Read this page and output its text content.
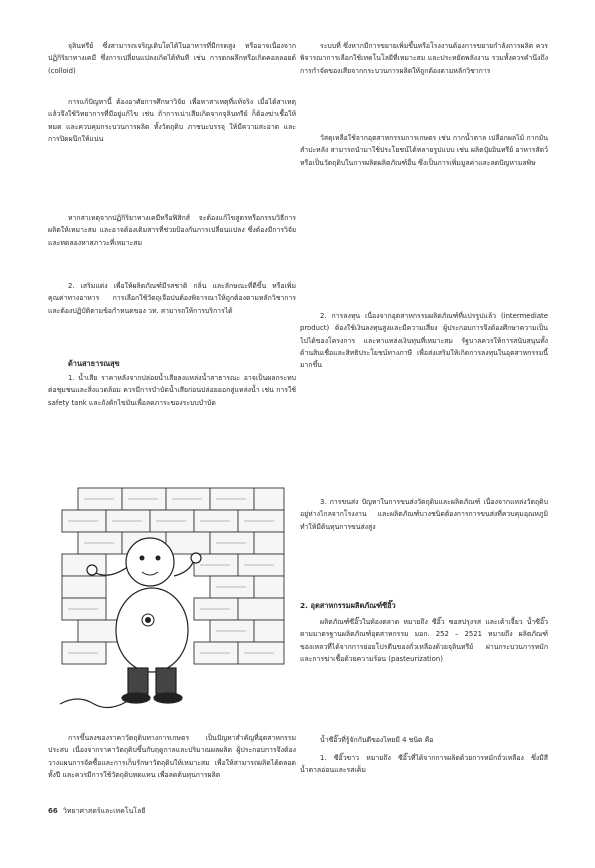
จุลินทรีย์ ซึ่งสามารถเจริญเติบโตได้ในอาหารที่มีกรดสูง หรืออาจเนื่องจากปฏิกิริยาทางเคมี ซึ่งการเปลี่ยนแปลงเกิดได้ทันที เช่น การตกผลึกหรือเกิดคอลลอยด์ (colloid)

การแก้ปัญหานี้ ต้องอาศัยการศึกษาวิจัย เพื่อหาสาเหตุที่แท้จริง เมื่อได้สาเหตุแล้วจึงใช้วิทยาการที่มีอยู่แก้ไข เช่น ถ้าการเน่าเสียเกิดจากจุลินทรีย์ ก็ต้องฆ่าเชื้อให้หมด และควบคุมกระบวนการผลิต ทั้งวัตถุดิบ ภาชนะบรรจุ ให้มีความสะอาด และการปิดผนึกให้แน่น

หากสาเหตุจากปฏิกิริยาทางเคมีหรือฟิสิกส์ จะต้องแก้ไขสูตรหรือกรรมวิธีการผลิตให้เหมาะสม และอาจต้องเติมสารที่ช่วยป้องกันการเปลี่ยนแปลง ซึ่งต้องมีการวิจัยและทดลองหาสภาวะที่เหมาะสม

2. เสริมแต่ง เพื่อให้ผลิตภัณฑ์มีรสชาติ กลิ่น และลักษณะที่ดีขึ้น หรือเพิ่มคุณค่าทางอาหาร การเลือกใช้วัตถุเจือปนต้องพิจารณาให้ถูกต้องตามหลักวิชาการ และต้องปฏิบัติตามข้อกำหนดของ วท. สามารถให้การบริการได้

ด้านสาธารณสุข

1. น้ำเสีย ราคาหลังจากปล่อยน้ำเสียลงแหล่งน้ำสาธารณะ อาจเป็นผลกระทบต่อชุมชนและสิ่งแวดล้อม ควรมีการบำบัดน้ำเสียก่อนปล่อยออกสู่แหล่งน้ำ เช่น การใช้ safety tank และถังดักไขมันเพื่อลดภาระของระบบบำบัด

การขึ้นลงของราคาวัตถุดิบทางการเกษตร เป็นปัญหาสำคัญที่อุตสาหกรรมประสบ เนื่องจากราคาวัตถุดิบขึ้นกับฤดูกาลและปริมาณผลผลิต ผู้ประกอบการจึงต้องวางแผนการจัดซื้อและการเก็บรักษาวัตถุดิบให้เหมาะสม เพื่อให้สามารถผลิตได้ตลอดทั้งปี และควรมีการใช้วัตถุดิบทดแทน เพื่อลดต้นทุนการผลิต

ระบบที่ ซึ่งหากมีการขยายเพิ่มขึ้นหรือโรงงานต้องการขยายกำลังการผลิต ควรพิจารณาการเลือกใช้เทคโนโลยีที่เหมาะสม และประหยัดพลังงาน รวมทั้งควรคำนึงถึงการกำจัดของเสียจากกระบวนการผลิตให้ถูกต้องตามหลักวิชาการ

วัสดุเหลือใช้จากอุตสาหกรรมการเกษตร เช่น กากน้ำตาล เปลือกผลไม้ กากมันสำปะหลัง สามารถนำมาใช้ประโยชน์ได้หลายรูปแบบ เช่น ผลิตปุ๋ยอินทรีย์ อาหารสัตว์ หรือเป็นวัตถุดิบในการผลิตผลิตภัณฑ์อื่น ซึ่งเป็นการเพิ่มมูลค่าและลดปัญหามลพิษ

2. การลงทุน เนื่องจากอุตสาหกรรมผลิตภัณฑ์ที่แปรรูปแล้ว (intermediate product) ต้องใช้เงินลงทุนสูงและมีความเสี่ยง ผู้ประกอบการจึงต้องศึกษาความเป็นไปได้ของโครงการ และหาแหล่งเงินทุนที่เหมาะสม รัฐบาลควรให้การสนับสนุนทั้งด้านสินเชื่อและสิทธิประโยชน์ทางภาษี เพื่อส่งเสริมให้เกิดการลงทุนในอุตสาหกรรมนี้มากขึ้น

3. การขนส่ง ปัญหาในการขนส่งวัตถุดิบและผลิตภัณฑ์ เนื่องจากแหล่งวัตถุดิบอยู่ห่างไกลจากโรงงาน และผลิตภัณฑ์บางชนิดต้องการการขนส่งที่ควบคุมอุณหภูมิ ทำให้มีต้นทุนการขนส่งสูง

2. อุตสาหกรรมผลิตภัณฑ์ซีอิ๊ว

ผลิตภัณฑ์ซีอิ๊วในท้องตลาด หมายถึง ซีอิ๊ว ซอสปรุงรส และเต้าเจี้ยว น้ำซีอิ๊ว ตามมาตรฐานผลิตภัณฑ์อุตสาหกรรม มอก. 252 – 2521 หมายถึง ผลิตภัณฑ์ของเหลวที่ได้จากการย่อยโปรตีนของถั่วเหลืองด้วยจุลินทรีย์ ผ่านกระบวนการหมักและการฆ่าเชื้อด้วยความร้อน (pasteurization)

น้ำซีอิ๊วที่รู้จักกันดีของไทยมี 4 ชนิด คือ

1. ซีอิ๊วขาว หมายถึง ซีอิ๊วที่ได้จากการผลิตด้วยการหมักถั่วเหลือง ซึ่งมีสีน้ำตาลอ่อนและรสเค็ม

66 วิทยาศาสตร์และเทคโนโลยี
